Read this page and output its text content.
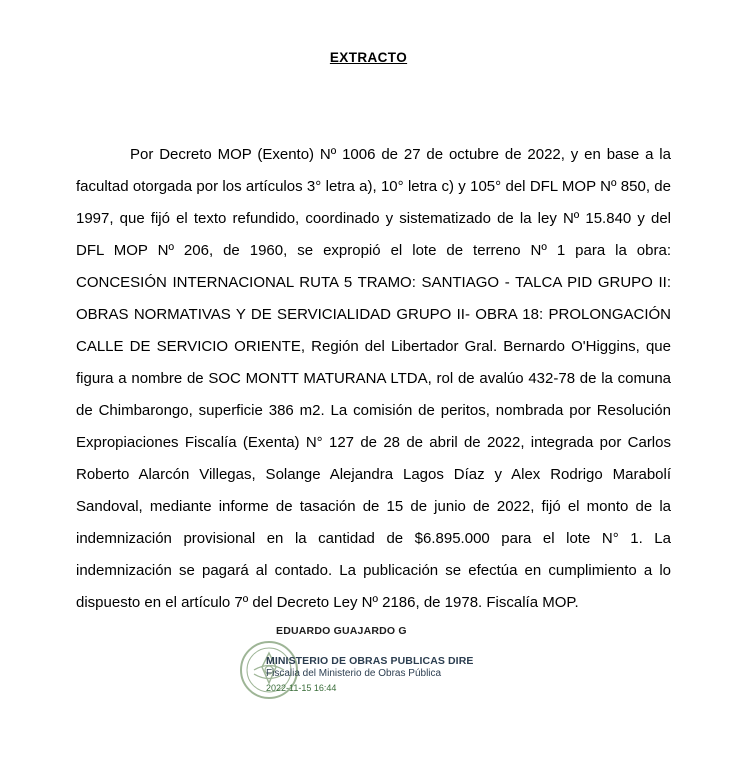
EXTRACTO
Por Decreto MOP (Exento) Nº 1006 de 27 de octubre de 2022, y en base a la facultad otorgada por los artículos 3° letra a), 10° letra c) y 105° del DFL MOP Nº 850, de 1997, que fijó el texto refundido, coordinado y sistematizado de la ley Nº 15.840 y del DFL MOP Nº 206, de 1960, se expropió el lote de terreno Nº 1 para la obra: CONCESIÓN INTERNACIONAL RUTA 5 TRAMO: SANTIAGO - TALCA PID GRUPO II: OBRAS NORMATIVAS Y DE SERVICIALIDAD GRUPO II- OBRA 18: PROLONGACIÓN CALLE DE SERVICIO ORIENTE, Región del Libertador Gral. Bernardo O'Higgins, que figura a nombre de SOC MONTT MATURANA LTDA, rol de avalúo 432-78 de la comuna de Chimbarongo, superficie 386 m2. La comisión de peritos, nombrada por Resolución Expropiaciones Fiscalía (Exenta) N° 127 de 28 de abril de 2022, integrada por Carlos Roberto Alarcón Villegas, Solange Alejandra Lagos Díaz y Alex Rodrigo Marabolí Sandoval, mediante informe de tasación de 15 de junio de 2022, fijó el monto de la indemnización provisional en la cantidad de $6.895.000 para el lote N° 1. La indemnización se pagará al contado. La publicación se efectúa en cumplimiento a lo dispuesto en el artículo 7º del Decreto Ley Nº 2186, de 1978. Fiscalía MOP.
EDUARDO GUAJARDO G
MINISTERIO DE OBRAS PUBLICAS DIRE
Fiscalia del Ministerio de Obras Pública
2022-11-15 16:44
